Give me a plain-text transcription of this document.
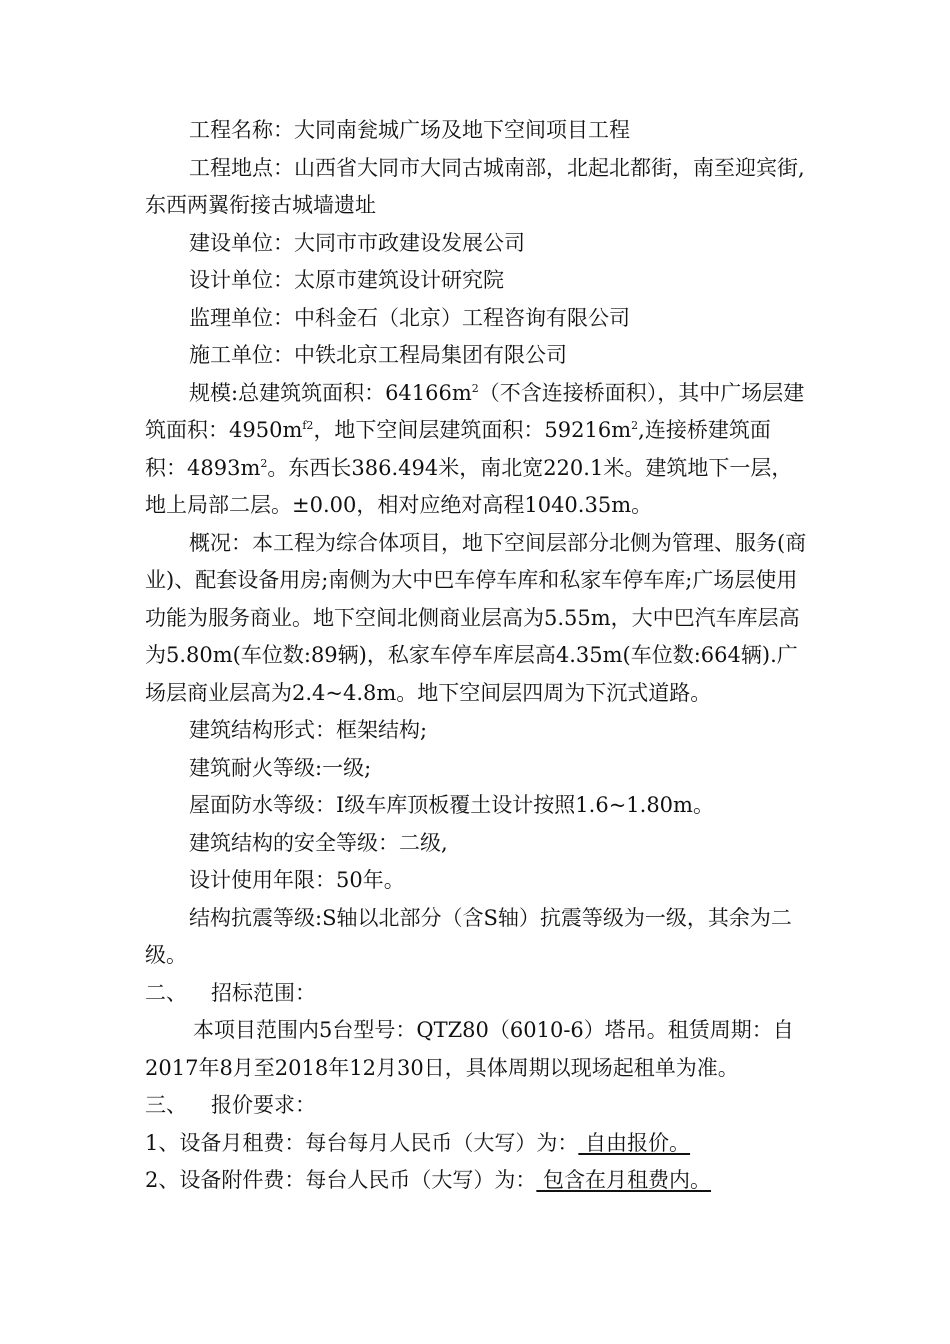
工程名称：大同南瓮城广场及地下空间项目工程

工程地点：山西省大同市大同古城南部，北起北都街，南至迎宾街,东西两翼衔接古城墙遗址

建设单位：大同市市政建设发展公司

设计单位：太原市建筑设计研究院

监理单位：中科金石（北京）工程咨询有限公司

施工单位：中铁北京工程局集团有限公司

规模:总建筑筑面积：$64166m^2$（不含连接桥面积），其中广场层建筑面积：$4950m^{f2}$，地下空间层建筑面积：$59216m^2$,连接桥建筑面积：$4893m^2$。东西长386.494米，南北宽220.1米。建筑地下一层，地上局部二层。±0.00，相对应绝对高程1040.35m。

概况：本工程为综合体项目，地下空间层部分北侧为管理、服务(商业)、配套设备用房;南侧为大中巴车停车库和私家车停车库;广场层使用功能为服务商业。地下空间北侧商业层高为5.55m，大中巴汽车库层高为5.80m(车位数:89辆)，私家车停车库层高4.35m(车位数:664辆).广场层商业层高为2.4~4.8m。地下空间层四周为下沉式道路。

建筑结构形式：框架结构;

建筑耐火等级:一级;

屋面防水等级：Ⅰ级车库顶板覆土设计按照1.6~1.80m。

建筑结构的安全等级：二级,

设计使用年限：50年。

结构抗震等级:S轴以北部分（含S轴）抗震等级为一级，其余为二级。

二、 招标范围：

本项目范围内5台型号：QTZ80（6010-6）塔吊。租赁周期：自2017年8月至2018年12月30日，具体周期以现场起租单为准。

三、 报价要求：

1、设备月租费：每台每月人民币（大写）为： 自由报价。

2、设备附件费：每台人民币（大写）为： 包含在月租费内。
